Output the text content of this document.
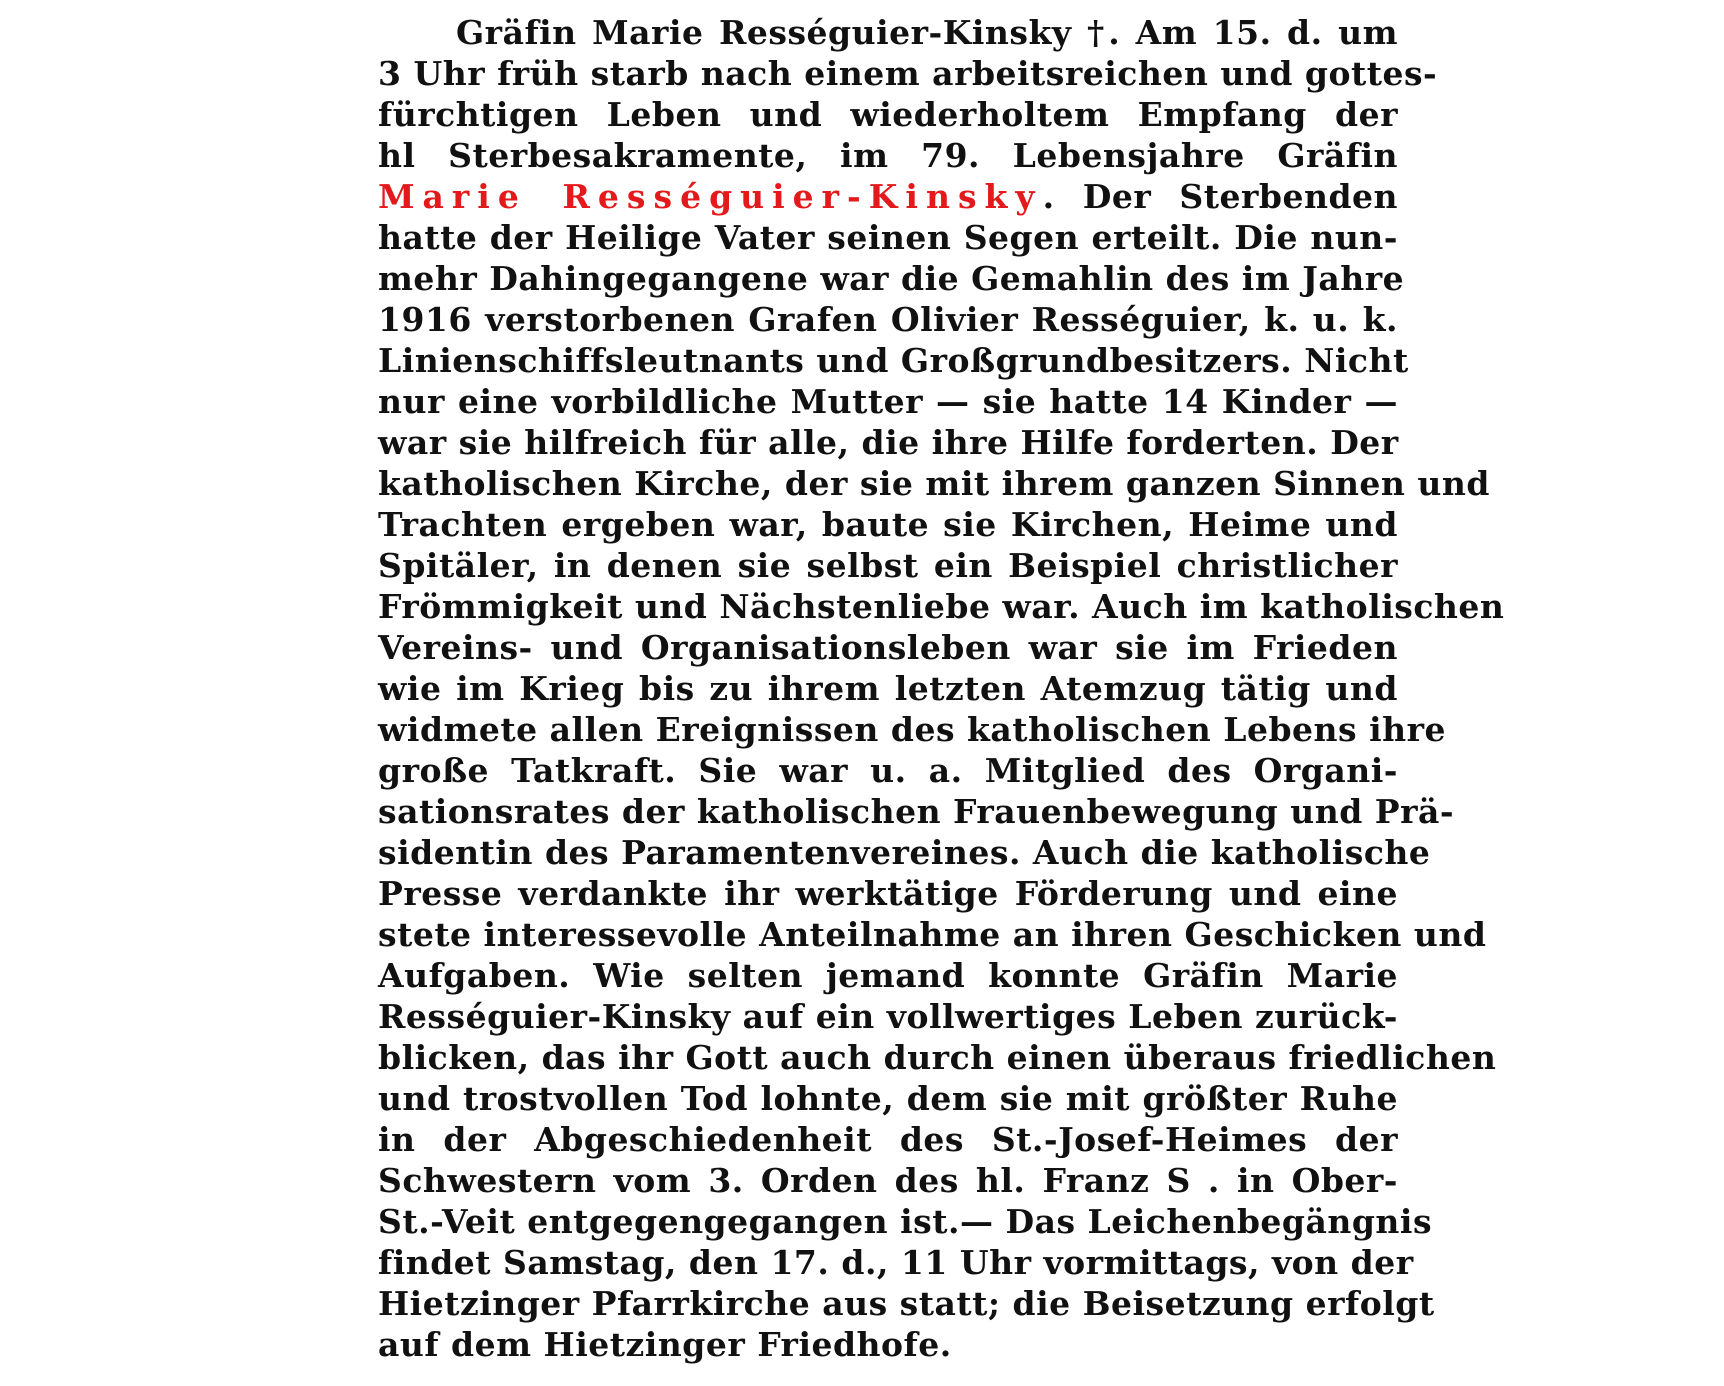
Gräfin Marie Rességuier-Kinsky †. Am 15. d. um
3 Uhr früh starb nach einem arbeitsreichen und gottes-
fürchtigen Leben und wiederholtem Empfang der
hl Sterbesakramente, im 79. Lebensjahre Gräfin
Marie Rességuier-Kinsky. Der Sterbenden
hatte der Heilige Vater seinen Segen erteilt. Die nun-
mehr Dahingegangene war die Gemahlin des im Jahre
1916 verstorbenen Grafen Olivier Rességuier, k. u. k.
Linienschiffsleutnants und Großgrundbesitzers. Nicht
nur eine vorbildliche Mutter — sie hatte 14 Kinder —
war sie hilfreich für alle, die ihre Hilfe forderten. Der
katholischen Kirche, der sie mit ihrem ganzen Sinnen und
Trachten ergeben war, baute sie Kirchen, Heime und
Spitäler, in denen sie selbst ein Beispiel christlicher
Frömmigkeit und Nächstenliebe war. Auch im katholischen
Vereins- und Organisationsleben war sie im Frieden
wie im Krieg bis zu ihrem letzten Atemzug tätig und
widmete allen Ereignissen des katholischen Lebens ihre
große Tatkraft. Sie war u. a. Mitglied des Organi-
sationsrates der katholischen Frauenbewegung und Prä-
sidentin des Paramentenvereines. Auch die katholische
Presse verdankte ihr werktätige Förderung und eine
stete interessevolle Anteilnahme an ihren Geschicken und
Aufgaben. Wie selten jemand konnte Gräfin Marie
Rességuier-Kinsky auf ein vollwertiges Leben zurück-
blicken, das ihr Gott auch durch einen überaus friedlichen
und trostvollen Tod lohnte, dem sie mit größter Ruhe
in der Abgeschiedenheit des St.-Josef-Heimes der
Schwestern vom 3. Orden des hl. Franz S . in Ober-
St.-Veit entgegengegangen ist.— Das Leichenbegängnis
findet Samstag, den 17. d., 11 Uhr vormittags, von der
Hietzinger Pfarrkirche aus statt; die Beisetzung erfolgt
auf dem Hietzinger Friedhofe.
